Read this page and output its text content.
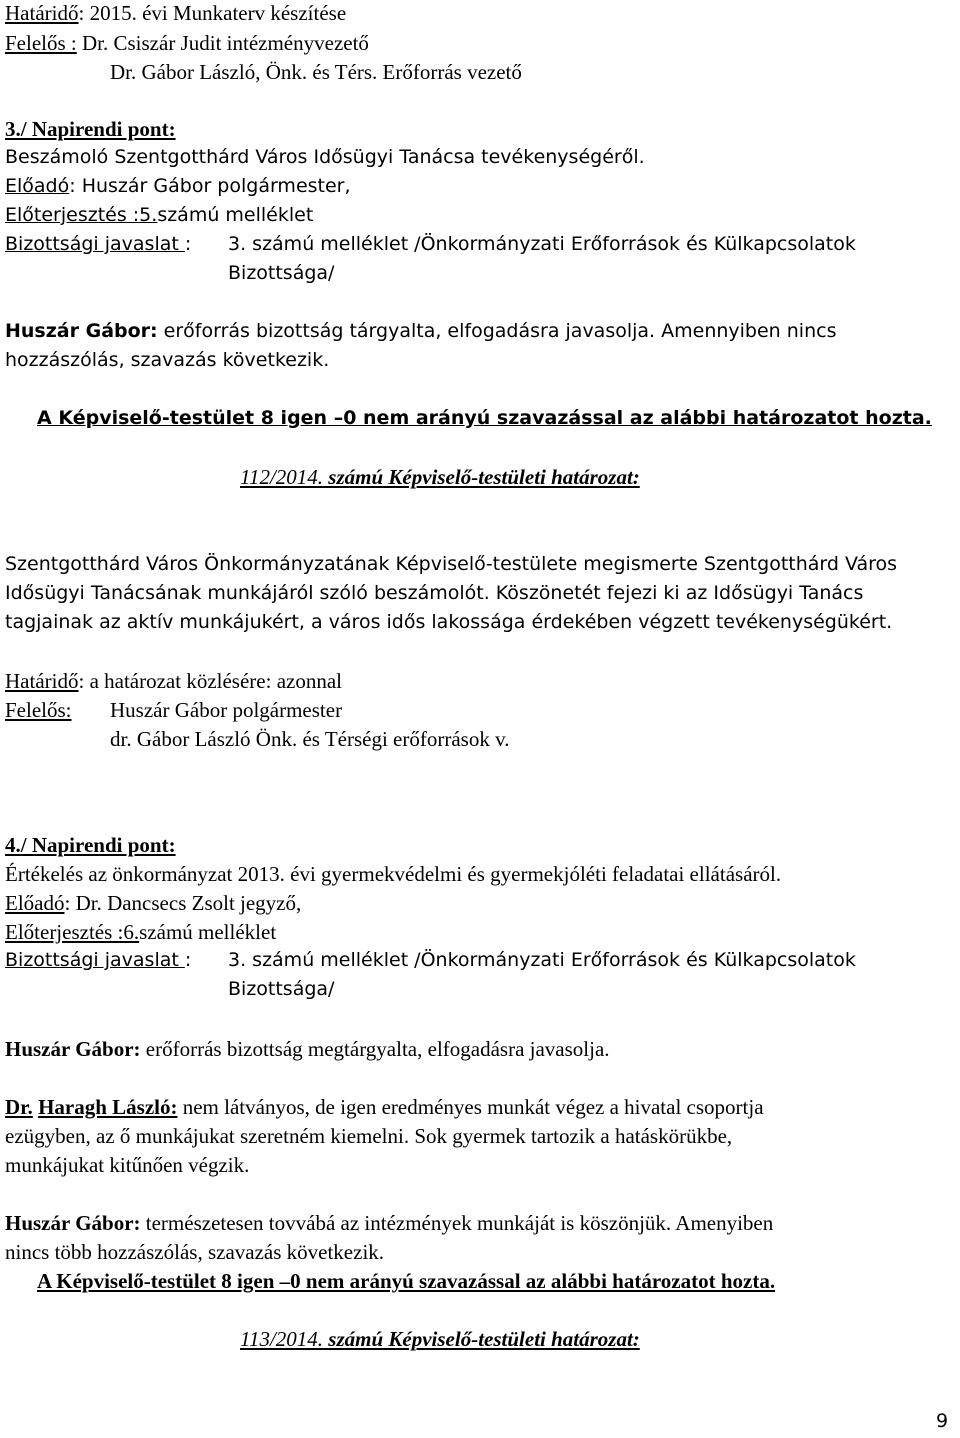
Határidő: 2015. évi Munkaterv készítése
Felelős : Dr. Csiszár Judit intézményvezető
Dr. Gábor László, Önk. és Térs. Erőforrás vezető
3./ Napirendi pont:
Beszámoló Szentgotthárd Város Idősügyi Tanácsa tevékenységéről.
Előadó: Huszár Gábor polgármester,
Előterjesztés :5.számú melléklet
Bizottsági javaslat : 3. számú melléklet /Önkormányzati Erőforrások és Külkapcsolatok
Bizottsága/
Huszár Gábor: erőforrás bizottság tárgyalta, elfogadásra javasolja. Amennyiben nincs
hozzászólás, szavazás következik.
A Képviselő-testület 8 igen –0 nem arányú szavazással az alábbi határozatot hozta.
112/2014. számú Képviselő-testületi határozat:
Szentgotthárd Város Önkormányzatának Képviselő-testülete megismerte Szentgotthárd Város
Idősügyi Tanácsának munkájáról szóló beszámolót. Köszönetét fejezi ki az Idősügyi Tanács
tagjainak az aktív munkájukért, a város idős lakossága érdekében végzett tevékenységükért.
Határidő: a határozat közlésére: azonnal
Felelős: Huszár Gábor polgármester
dr. Gábor László Önk. és Térségi erőforrások v.
4./ Napirendi pont:
Értékelés az önkormányzat 2013. évi gyermekvédelmi és gyermekjóléti feladatai ellátásáról.
Előadó: Dr. Dancsecs Zsolt jegyző,
Előterjesztés :6.számú melléklet
Bizottsági javaslat : 3. számú melléklet /Önkormányzati Erőforrások és Külkapcsolatok
Bizottsága/
Huszár Gábor: erőforrás bizottság megtárgyalta, elfogadásra javasolja.
Dr. Haragh László: nem látványos, de igen eredményes munkát végez a hivatal csoportja
ezügyben, az ő munkájukat szeretném kiemelni. Sok gyermek tartozik a hatáskörükbe,
munkájukat kitűnően végzik.
Huszár Gábor: természetesen tovvábá az intézmények munkáját is köszönjük. Amenyiben
nincs több hozzászólás, szavazás következik.
A Képviselő-testület 8 igen –0 nem arányú szavazással az alábbi határozatot hozta.
113/2014. számú Képviselő-testületi határozat:
9
